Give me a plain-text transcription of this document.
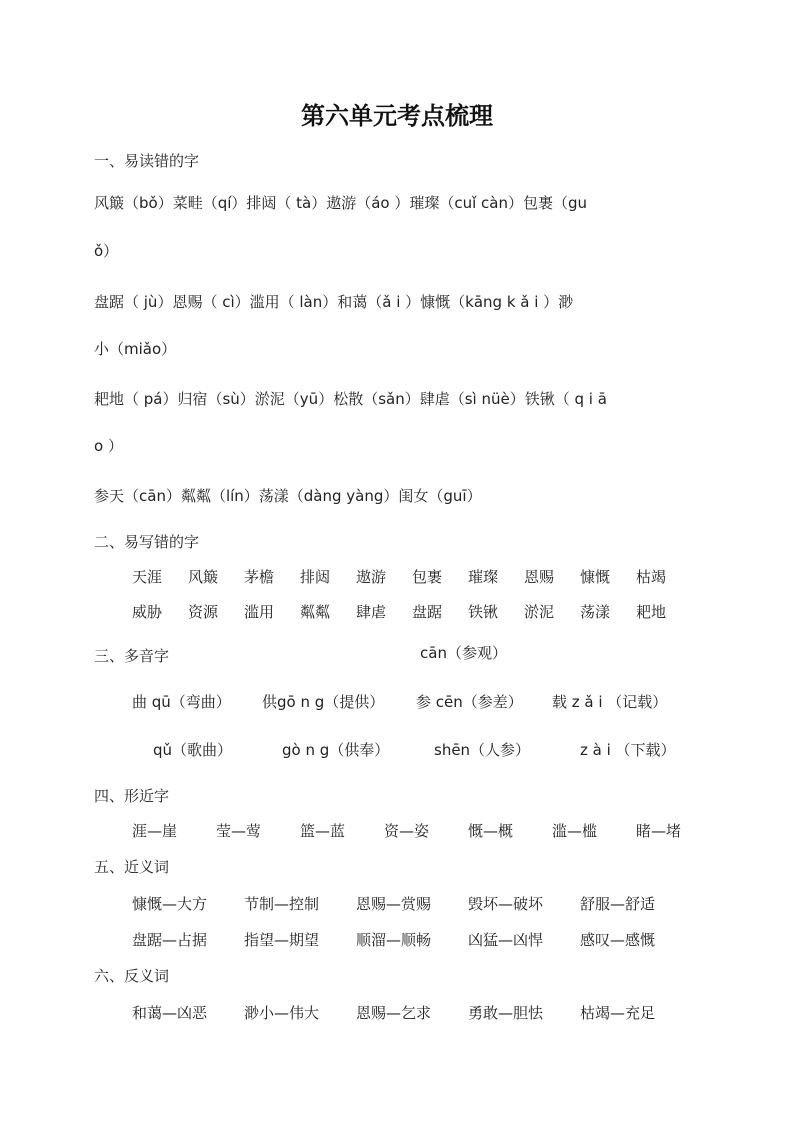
第六单元考点梳理
一、易读错的字
风簸（bǒ）菜畦（qí）排闼（ tà）遨游（áo ）璀璨（cuǐ càn）包裹（gu
ǒ）
盘踞（ jù）恩赐（ cì）滥用（ làn）和蔼（ǎ i ）慷慨（kāng k ǎ i ）渺
小（miǎo）
耙地（ pá）归宿（sù）淤泥（yū）松散（sǎn）肆虐（sì nüè）铁锹（ q i ā
o ）
参天（cān）粼粼（lín）荡漾（dàng yàng）闺女（guī）
二、易写错的字
天涯 风簸 茅檐 排闼 遨游 包裹 璀璨 恩赐 慷慨 枯竭
威胁 资源 滥用 粼粼 肆虐 盘踞 铁锹 淤泥 荡漾 耙地
三、多音字	cān（参观）
曲 qū（弯曲） 供gō n g（提供） 参 cēn（参差） 载 z ǎ i （记载）
qǔ（歌曲）	gò n g（供奉）	shēn（人参）	z à i （下载）
四、形近字
涯—崖	莹—莺	篮—蓝	资—姿	慨—概	滥—槛	睹—堵
五、近义词
慷慨—大方 节制—控制 恩赐—赏赐 毁坏—破坏 舒服—舒适
盘踞—占据 指望—期望 顺溜—顺畅 凶猛—凶悍 感叹—感慨
六、反义词
和蔼—凶恶 渺小—伟大 恩赐—乞求 勇敢—胆怯 枯竭—充足
